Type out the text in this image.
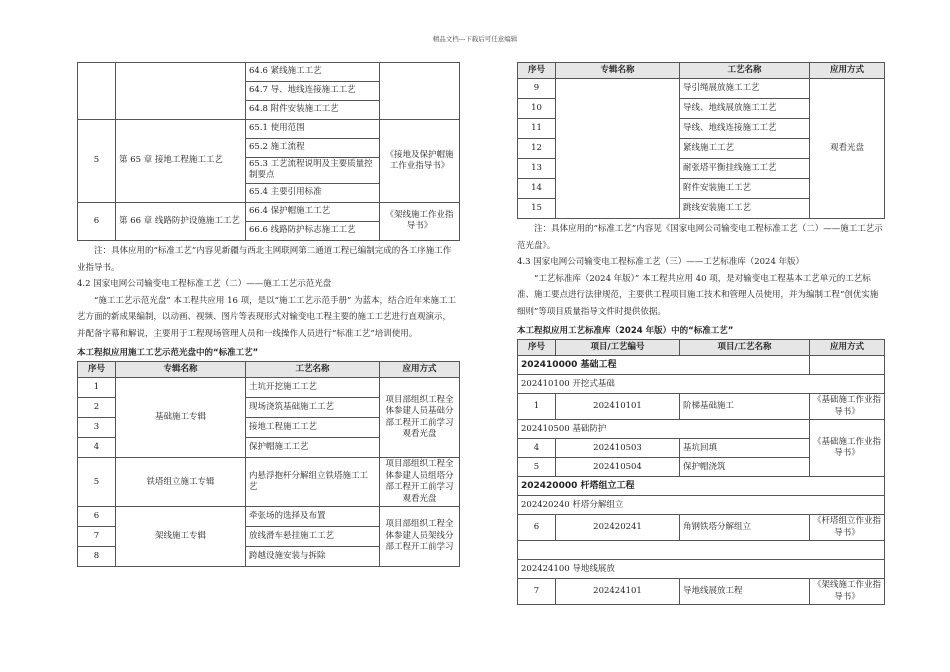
精品文档---下载后可任意编辑
		64.6 紧线施工工艺	
		64.7 导、地线连接施工工艺	
		64.8 附件安装施工工艺	
5	第 65 章 接地工程施工工艺	65.1 使用范围	《接地及保护帽施工作业指导书》
		65.2 施工流程	
		65.3 工艺流程说明及主要质量控制要点	
		65.4 主要引用标准	
6	第 66 章 线路防护设施施工工艺	66.4 保护帽施工工艺	《架线施工作业指导书》
		66.6 线路防护标志施工工艺	

注：具体应用的“标准工艺”内容见新疆与西北主网联网第二通道工程已编制完成的各工序施工作业指导书。

4.2 国家电网公司输变电工程标准工艺（二）——施工工艺示范光盘

“施工工艺示范光盘” 本工程共应用 16 项，是以“施工工艺示范手册” 为蓝本，结合近年来施工工艺方面的新成果编制，以动画、视频、图片等表现形式对输变电工程主要的施工工艺进行直观演示，并配备字幕和解说，主要用于工程现场管理人员和一线操作人员进行“标准工艺”培训使用。

本工程拟应用施工工艺示范光盘中的“标准工艺”
序号	专辑名称	工艺名称	应用方式
1	基础施工专辑	土坑开挖施工工艺	项目部组织工程全体参建人员基础分部工程开工前学习观看光盘
2		现场浇筑基础施工工艺	
3		接地工程施工工艺	
4		保护帽施工工艺	
5	铁塔组立施工专辑	内悬浮抱杆分解组立铁塔施工工艺	项目部组织工程全体参建人员组塔分部工程开工前学习观看光盘
6	架线施工专辑	牵张场的选择及布置	项目部组织工程全体参建人员架线分部工程开工前学习
7		放线滑车悬挂施工工艺	
8		跨越设施安装与拆除	
序号	专辑名称	工艺名称	应用方式
9		导引绳展放施工工艺	观看光盘
10		导线、地线展放施工工艺	
11		导线、地线连接施工工艺	
12		紧线施工工艺	
13		耐张塔平衡挂线施工工艺	
14		附件安装施工工艺	
15		跳线安装施工工艺	

注：具体应用的“标准工艺”内容见《国家电网公司输变电工程标准工艺（二）——施工工艺示范光盘》。

4.3 国家电网公司输变电工程标准工艺（三）——工艺标准库（2024 年版）

“工艺标准库（2024 年版）” 本工程共应用 40 项，是对输变电工程基本工艺单元的工艺标准、施工要点进行法律规范，主要供工程项目施工技术和管理人员使用，并为编制工程“创优实施细则”等项目质量指导文件时提供依据。

本工程拟应用工艺标准库（2024 年版）中的“标准工艺”
序号	项目/工艺编号	项目/工艺名称	应用方式
202410000 基础工程			
202410100 开挖式基础			
1	202410101	阶梯基础施工	《基础施工作业指导书》
202410500 基础防护			《基础施工作业指导书》
4	202410503	基坑回填	
5	202410504	保护帽浇筑	
202420000 杆塔组立工程			
202420240 杆塔分解组立			
6	202420241	角钢铁塔分解组立	《杆塔组立作业指导书》

202424100 导地线展放			
7	202424101	导地线展放工程	《架线施工作业指导书》
